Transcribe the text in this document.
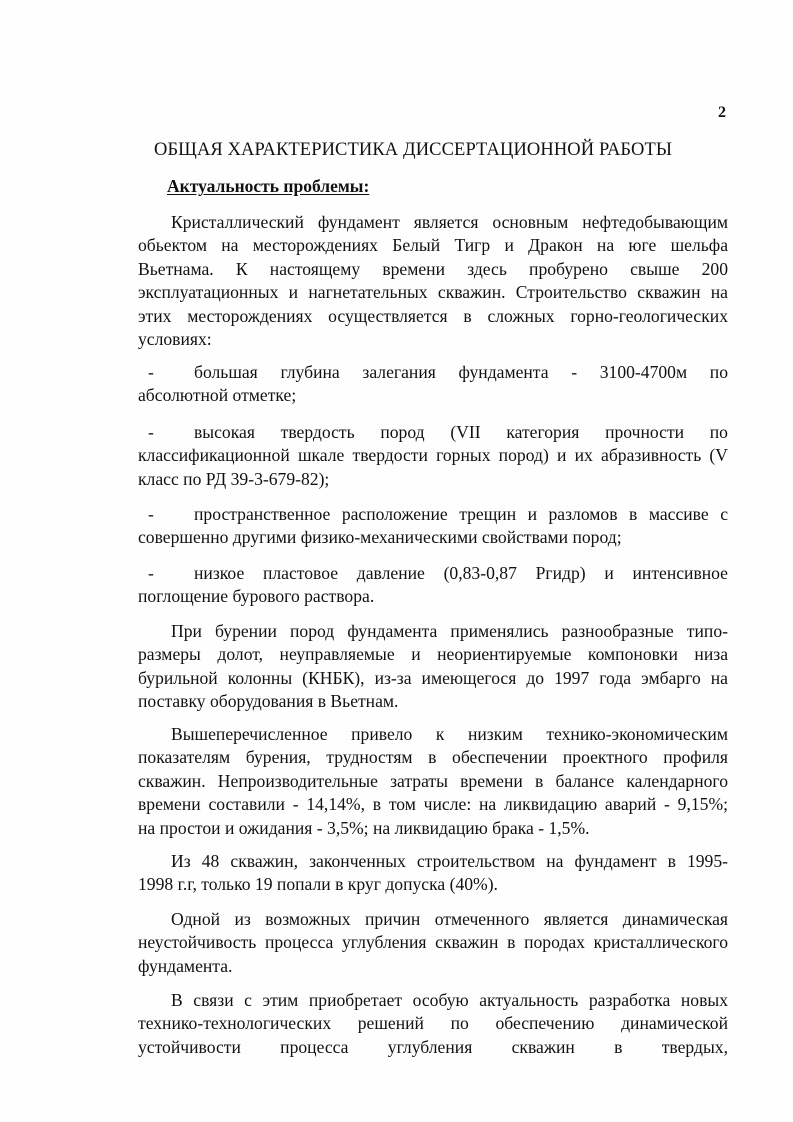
2
ОБЩАЯ ХАРАКТЕРИСТИКА ДИССЕРТАЦИОННОЙ РАБОТЫ
Актуальность проблемы:
Кристаллический фундамент является основным нефтедобывающим
обьектом на месторождениях Белый Тигр и Дракон на юге шельфа
Вьетнама. К настоящему времени здесь пробурено свыше 200
эксплуатационных и нагнетательных скважин. Строительство скважин на
этих месторождениях осуществляется в сложных горно-геологических
условиях:
-	большая глубина залегания фундамента - 3100-4700м по
абсолютной отметке;
-	высокая твердость пород (VII категория прочности по
классификационной шкале твердости горных пород) и их абразивность (V
класс по РД 39-3-679-82);
-	пространственное расположение трещин и разломов в массиве с
совершенно другими физико-механическими свойствами пород;
-	низкое пластовое давление (0,83-0,87 Ргидр) и интенсивное
поглощение бурового раствора.
При бурении пород фундамента применялись разнообразные типо-
размеры долот, неуправляемые и неориентируемые компоновки низа
бурильной колонны (КНБК), из-за имеющегося до 1997 года эмбарго на
поставку оборудования в Вьетнам.
Вышеперечисленное привело к низким технико-экономическим
показателям бурения, трудностям в обеспечении проектного профиля
скважин. Непроизводительные затраты времени в балансе календарного
времени составили - 14,14%, в том числе: на ликвидацию аварий - 9,15%;
на простои и ожидания - 3,5%; на ликвидацию брака - 1,5%.
Из 48 скважин, законченных строительством на фундамент в 1995-
1998 г.г, только 19 попали в круг допуска (40%).
Одной из возможных причин отмеченного является динамическая
неустойчивость процесса углубления скважин в породах кристаллического
фундамента.
В связи с этим приобретает особую актуальность разработка новых
технико-технологических решений по обеспечению динамической
устойчивости процесса углубления скважин в твердых,
